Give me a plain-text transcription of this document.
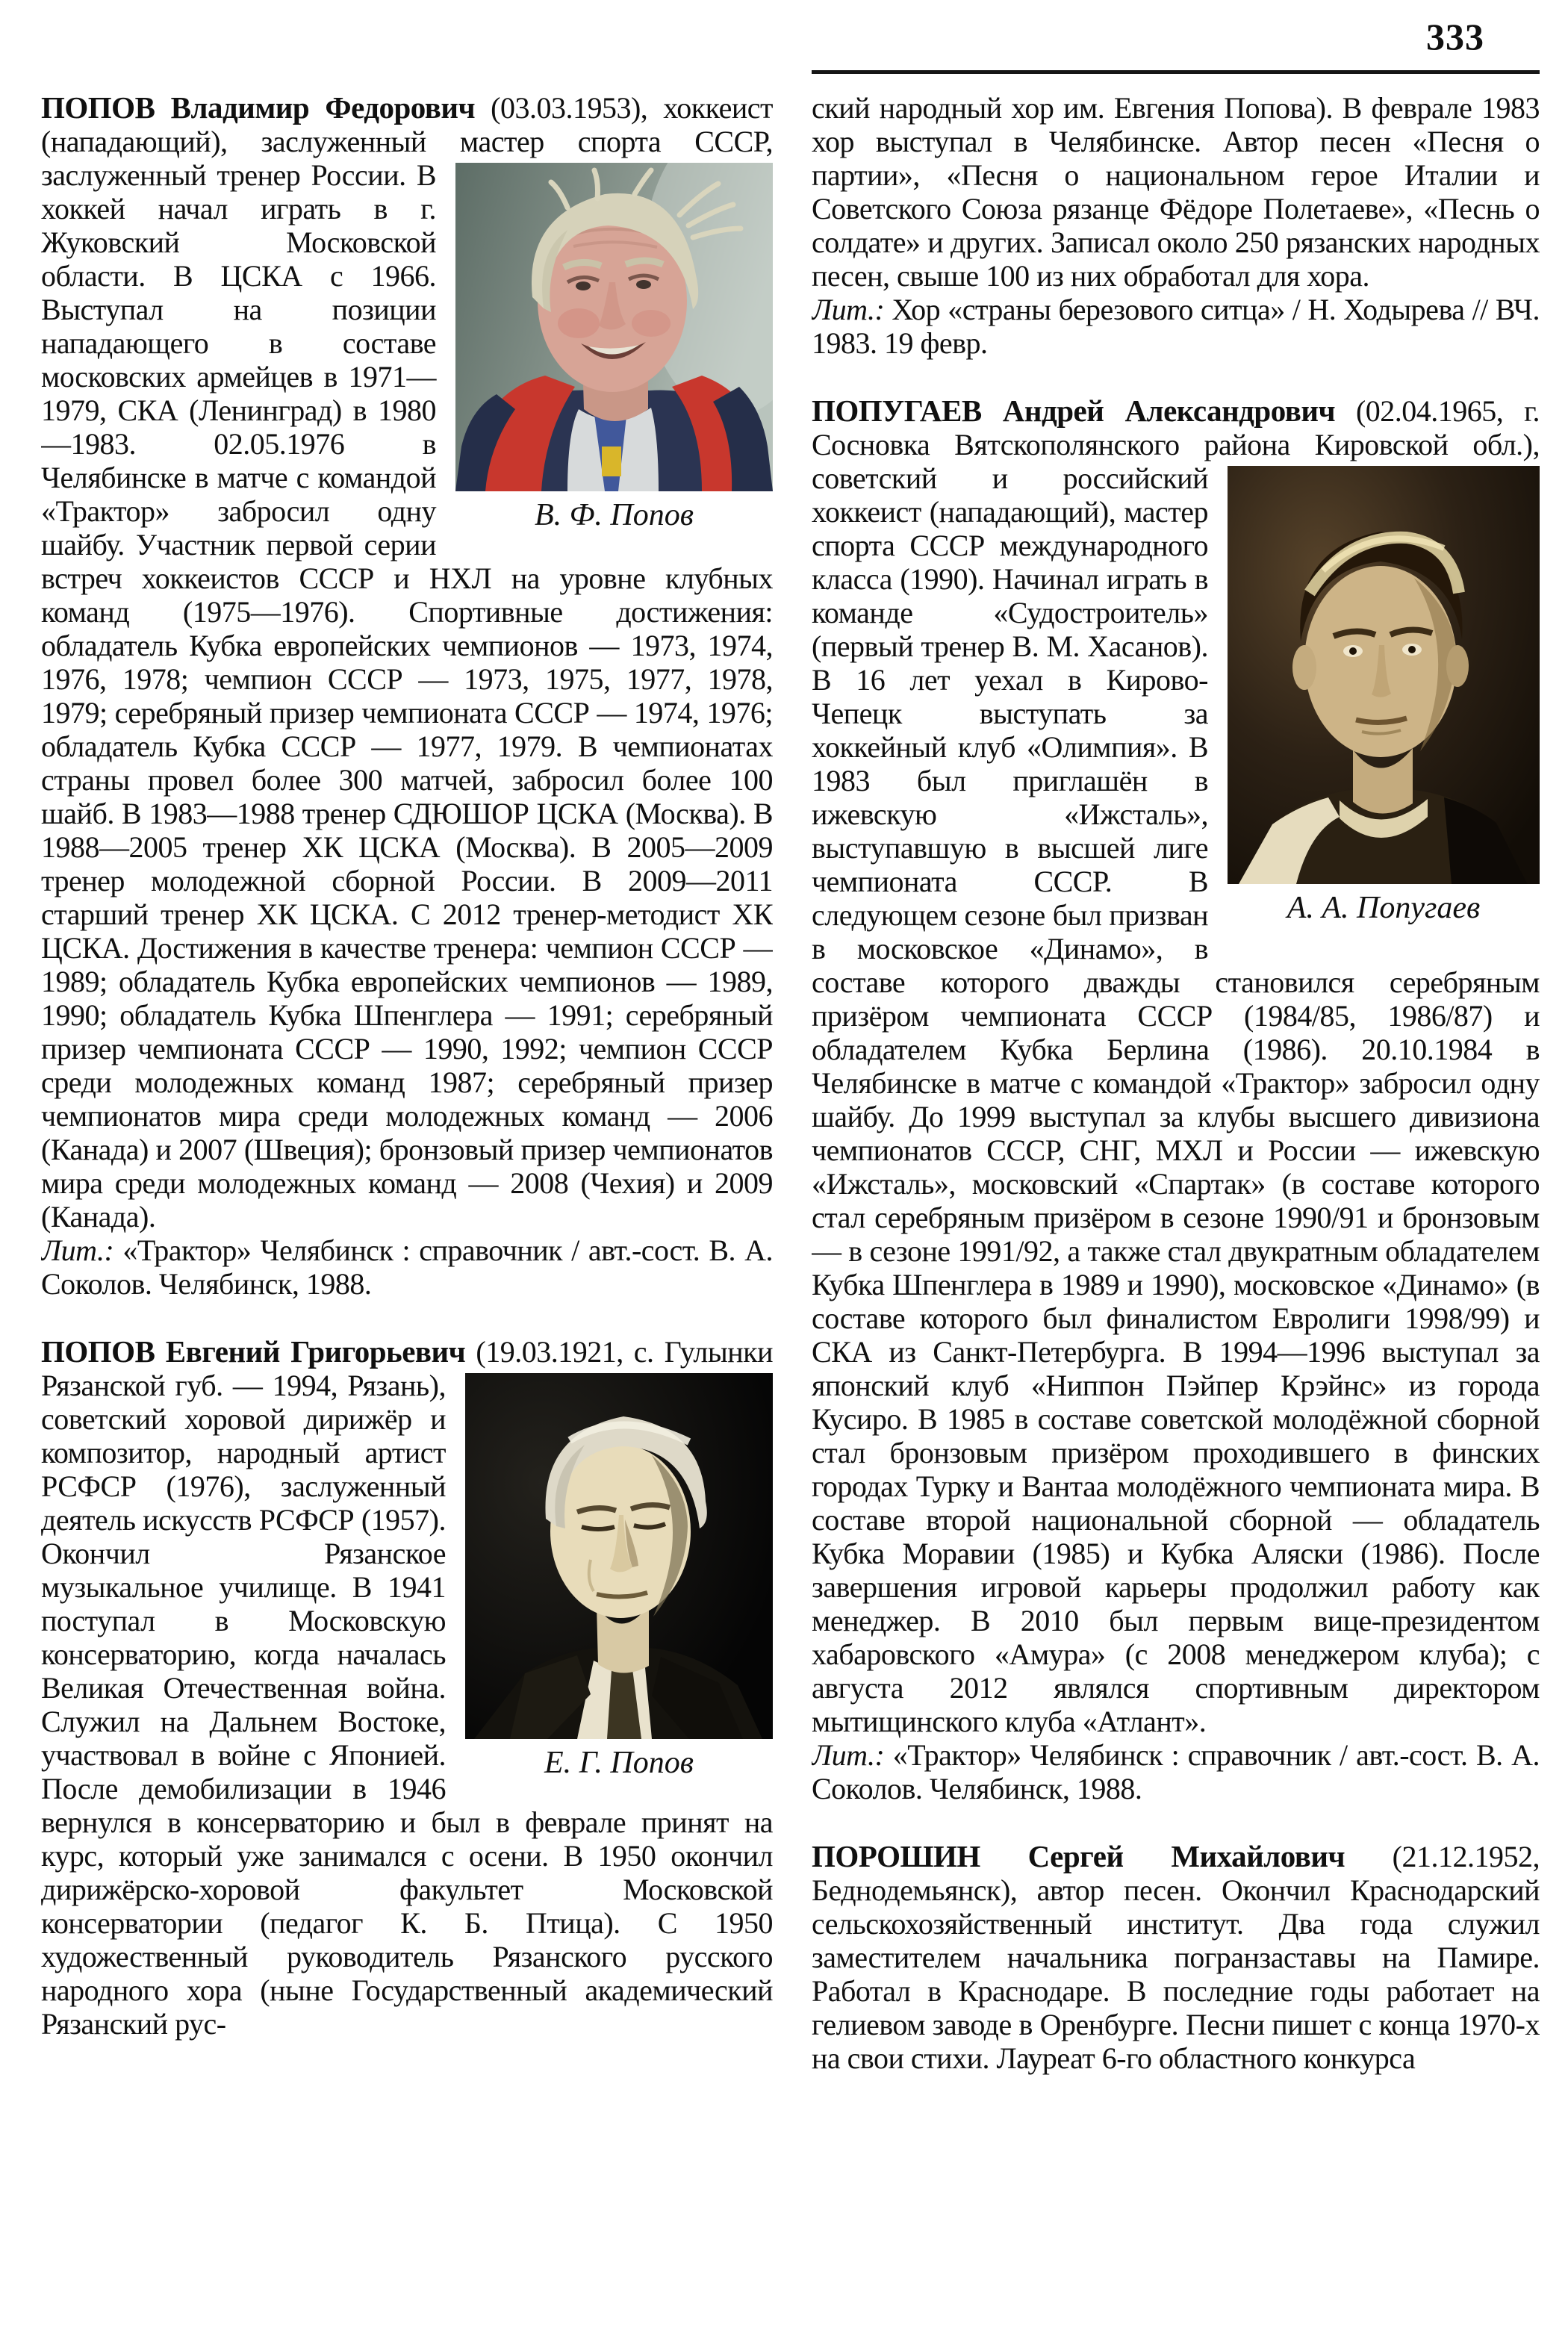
333

ПОПОВ Владимир Федорович (03.03.1953), хоккеист (нападающий), заслуженный мастер
В. Ф. Попов
спорта СССР, заслуженный тренер России. В хоккей начал играть в г. Жуковский Московской области. В ЦСКА с 1966. Выступал на позиции нападающего в составе московских армейцев в 1971—1979, СКА (Ленинград) в 1980—1983. 02.05.1976 в Челябинске в матче с командой «Трактор» забросил одну шайбу. Участник первой серии встреч хоккеистов СССР и НХЛ на уровне клубных команд (1975—1976). Спортивные достижения: обладатель Кубка европейских чемпионов — 1973, 1974, 1976, 1978; чемпион СССР — 1973, 1975, 1977, 1978, 1979; серебряный призер чемпионата СССР — 1974, 1976; обладатель Кубка СССР — 1977, 1979. В чемпионатах страны провел более 300 матчей, забросил более 100 шайб. В 1983—1988 тренер СДЮШОР ЦСКА (Москва). В 1988—2005 тренер ХК ЦСКА (Москва). В 2005—2009 тренер молодежной сборной России. В 2009—2011 старший тренер ХК ЦСКА. С 2012 тренер-методист ХК ЦСКА. Достижения в качестве тренера: чемпион СССР — 1989; обладатель Кубка европейских чемпионов — 1989, 1990; обладатель Кубка Шпенглера — 1991; серебряный призер чемпионата СССР — 1990, 1992; чемпион СССР среди молодежных команд 1987; серебряный призер чемпионатов мира среди молодежных команд — 2006 (Канада) и 2007 (Швеция); бронзовый призер чемпионатов мира среди молодежных команд — 2008 (Чехия) и 2009 (Канада).

Лит.: «Трактор» Челябинск : справочник / авт.-сост. В. А. Соколов. Челябинск, 1988.

ПОПОВ Евгений Григорьевич (19.03.1921, с. Гулынки Рязанской губ. — 1994, Рязань),
Е. Г. Попов
советский хоровой дирижёр и композитор, народный артист РСФСР (1976), заслуженный деятель искусств РСФСР (1957). Окончил Рязанское музыкальное училище. В 1941 поступал в Московскую консерваторию, когда началась Великая Отечественная война. Служил на Дальнем Востоке, участвовал в войне с Японией. После демобилизации в 1946 вернулся в консерваторию и был в феврале принят на курс, который уже занимался с осени. В 1950 окончил дирижёрско-хоровой факультет Московской консерватории (педагог К. Б. Птица). С 1950 художественный руководитель Рязанского русского народного хора (ныне Государственный академический Рязанский рус-

ский народный хор им. Евгения Попова). В феврале 1983 хор выступал в Челябинске. Автор песен «Песня о партии», «Песня о национальном герое Италии и Советского Союза рязанце Фёдоре Полетаеве», «Песнь о солдате» и других. Записал около 250 рязанских народных песен, свыше 100 из них обработал для хора.

Лит.: Хор «страны березового ситца» / Н. Ходырева // ВЧ. 1983. 19 февр.

ПОПУГАЕВ Андрей Александрович (02.04.1965, г. Сосновка Вятскополянского района Кировской обл.), советский и
А. А. Попугаев
российский хоккеист (нападающий), мастер спорта СССР международного класса (1990). Начинал играть в команде «Судостроитель» (первый тренер В. М. Хасанов). В 16 лет уехал в Кирово-Чепецк выступать за хоккейный клуб «Олимпия». В 1983 был приглашён в ижевскую «Ижсталь», выступавшую в высшей лиге чемпионата СССР. В следующем сезоне был призван в московское «Динамо», в составе которого дважды становился серебряным призёром чемпионата СССР (1984/85, 1986/87) и обладателем Кубка Берлина (1986). 20.10.1984 в Челябинске в матче с командой «Трактор» забросил одну шайбу. До 1999 выступал за клубы высшего дивизиона чемпионатов СССР, СНГ, МХЛ и России — ижевскую «Ижсталь», московский «Спартак» (в составе которого стал серебряным призёром в сезоне 1990/91 и бронзовым — в сезоне 1991/92, а также стал двукратным обладателем Кубка Шпенглера в 1989 и 1990), московское «Динамо» (в составе которого был финалистом Евролиги 1998/99) и СКА из Санкт-Петербурга. В 1994—1996 выступал за японский клуб «Ниппон Пэйпер Крэйнс» из города Кусиро. В 1985 в составе советской молодёжной сборной стал бронзовым призёром проходившего в финских городах Турку и Вантаа молодёжного чемпионата мира. В составе второй национальной сборной — обладатель Кубка Моравии (1985) и Кубка Аляски (1986). После завершения игровой карьеры продолжил работу как менеджер. В 2010 был первым вице-президентом хабаровского «Амура» (с 2008 менеджером клуба); с августа 2012 являлся спортивным директором мытищинского клуба «Атлант».

Лит.: «Трактор» Челябинск : справочник / авт.-сост. В. А. Соколов. Челябинск, 1988.

ПОРОШИН Сергей Михайлович (21.12.1952, Беднодемьянск), автор песен. Окончил Краснодарский сельскохозяйственный институт. Два года служил заместителем начальника погранзаставы на Памире. Работал в Краснодаре. В последние годы работает на гелиевом заводе в Оренбурге. Песни пишет с конца 1970-х на свои стихи. Лауреат 6-го областного конкурса
